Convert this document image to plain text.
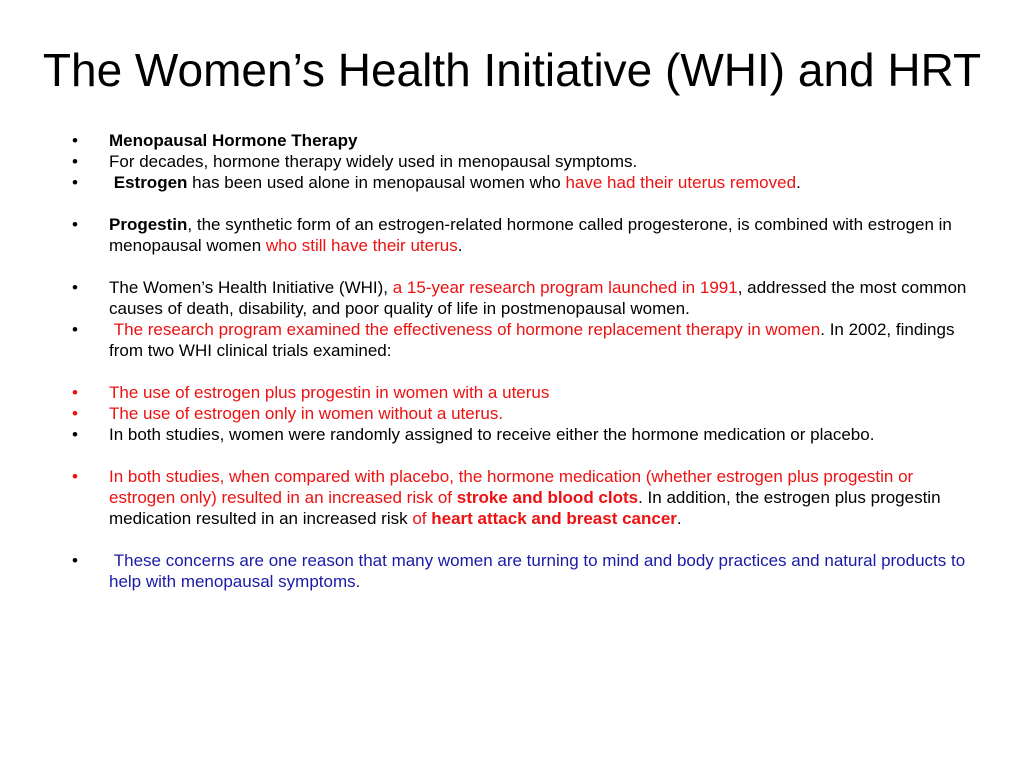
The Women’s Health Initiative (WHI) and HRT
•	Menopausal Hormone Therapy
•	For decades, hormone therapy widely used in menopausal symptoms.
•	Estrogen has been used alone in menopausal women who have had their uterus removed.
•	Progestin, the synthetic form of an estrogen-related hormone called progesterone, is combined with estrogen in menopausal women who still have their uterus.
•	The Women’s Health Initiative (WHI), a 15-year research program launched in 1991, addressed the most common causes of death, disability, and poor quality of life in postmenopausal women.
•	The research program examined the effectiveness of hormone replacement therapy in women. In 2002, findings from two WHI clinical trials examined:
•	The use of estrogen plus progestin in women with a uterus
•	The use of estrogen only in women without a uterus.
•	In both studies, women were randomly assigned to receive either the hormone medication or placebo.
•	In both studies, when compared with placebo, the hormone medication (whether estrogen plus progestin or estrogen only) resulted in an increased risk of stroke and blood clots. In addition, the estrogen plus progestin medication resulted in an increased risk of heart attack and breast cancer.
•	These concerns are one reason that many women are turning to mind and body practices and natural products to help with menopausal symptoms.
